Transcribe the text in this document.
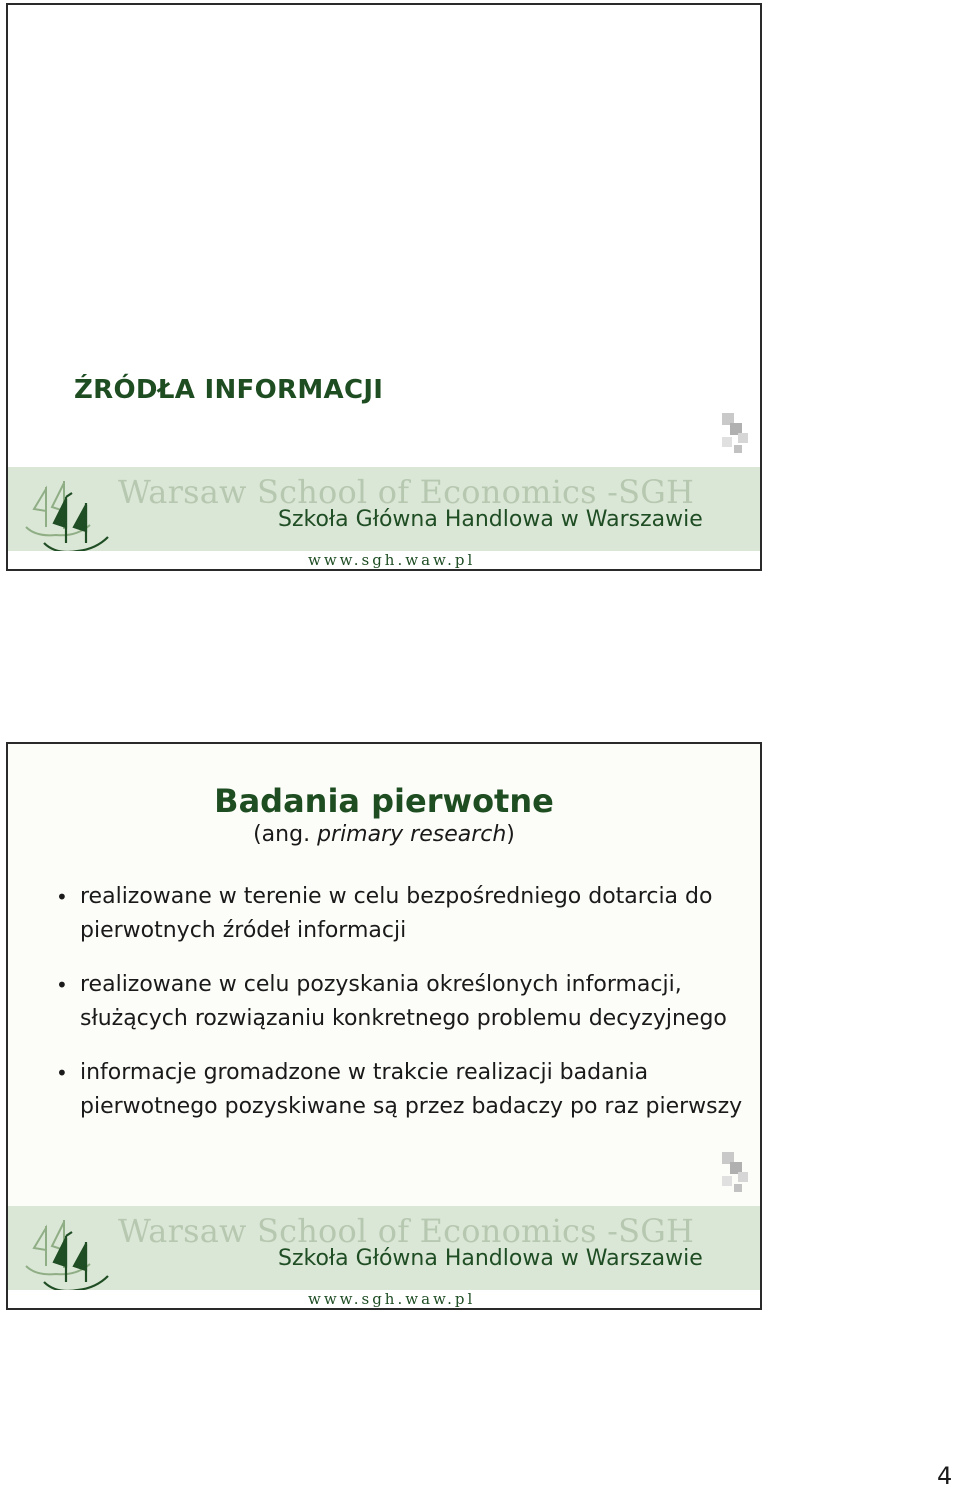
ŹRÓDŁA INFORMACJI
Warsaw School of Economics -SGH
Szkoła Główna Handlowa w Warszawie
www.sgh.waw.pl
Badania pierwotne
(ang. primary research)
• realizowane w terenie w celu bezpośredniego dotarcia do pierwotnych źródeł informacji
• realizowane w celu pozyskania określonych informacji, służących rozwiązaniu konkretnego problemu decyzyjnego
• informacje gromadzone w trakcie realizacji badania pierwotnego pozyskiwane są przez badaczy po raz pierwszy
Warsaw School of Economics -SGH
Szkoła Główna Handlowa w Warszawie
www.sgh.waw.pl
4
